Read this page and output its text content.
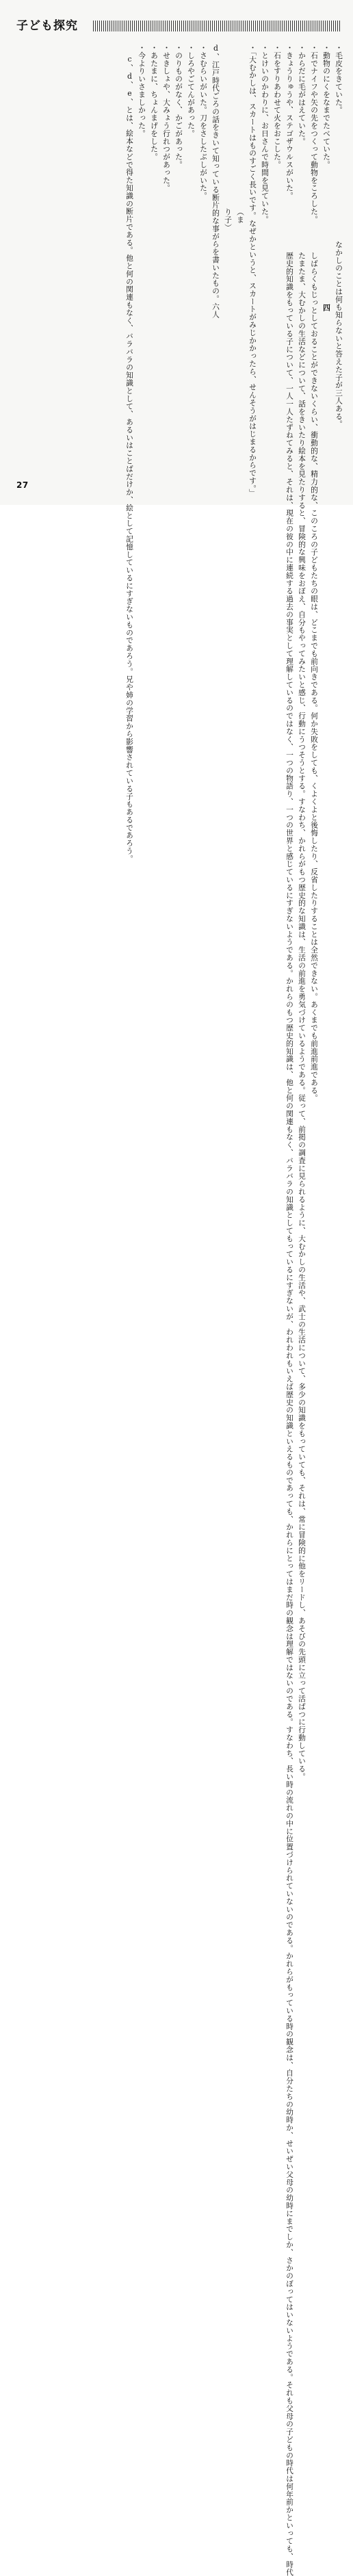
子ども探究
・毛皮をきていた。
・動物のにくをなまでたべていた。
・石でナイフや矢の先をつくって動物をころした。
・からだに毛がはえていた。
・きょうりゅうや、ステゴザウルスがいた。
・石をすりあわせて火をおこした。
・とけいのかわりに、お日さんで時間を見ていた。
・「大むかしは、スカートはものすごく長いです。なぜかというと、スカートがみじかかったら、せんそうがはじまるからです。」
（まり子）
d、江戸時代ごろの話をきいて知っている断片的な事がらを書いたもの。六人
・さむらいがいた。刀をさしたぶしがいた。
・しろやごてんがあった。
・のりものがなく、かごがあった。
・せきしょや、大みょう行れつがあった。
・あたまに、ちょんまげをした。
・今よりいさましかった。
c、d、e、とは、絵本などで得た知識の断片である。他と何の関連もなく、バラバラの知識として、あるいはことばだけか、絵として記憶しているにすぎないものであろう。兄や姉の学習から影響されている子もあるであろう。	なかしのことは何も知らないと答えた子が三人ある。
四
しばらくもじっとしておることができないくらい、衝動的な、精力的な、このころの子どもたちの眼は、どこまでも前向きである。何か失敗をしても、くよくよと後悔したり、反省したりすることは全然できない。あくまでも前進前進である。
たまたま、大むかしの生活などについて、話をきいたり絵本を見たりすると、冒険的な興味をおぼえ、自分もやってみたいと感じ、行動にうつそうとする。すなわち、かれらがもつ歴史的な知識は、生活の前進を勇気づけているようである。従って、前掲の調査に見られるように、大むかしの生活や、武士の生活について、多少の知識をもっていても、それは、常に冒険的に他をリードし、あそびの先頭に立って活ぱつに行動している。
歴史的知識をもっている子について、一人一人たずねてみると、それは、現在の彼の中に連続する過去の事実として理解しているのではなく、一つの物語り、一つの世界と感じているにすぎないようである。かれらのもつ歴史的知識は、他と何の関連もなく、バラバラの知識としてもっているにすぎないが、われわれもいえば歴史の知識といえるものであっても、かれらにとってはまだ時の観念は理解ではないのである。すなわち、長い時の流れの中に位置づけられていないのである。かれらがもっている時の観念は、自分たちの幼時か、せいぜい父母の幼時にまでしか、さかのぼってはいないようである。それも父母の子どもの時代は何年前かといっても、時代
27
